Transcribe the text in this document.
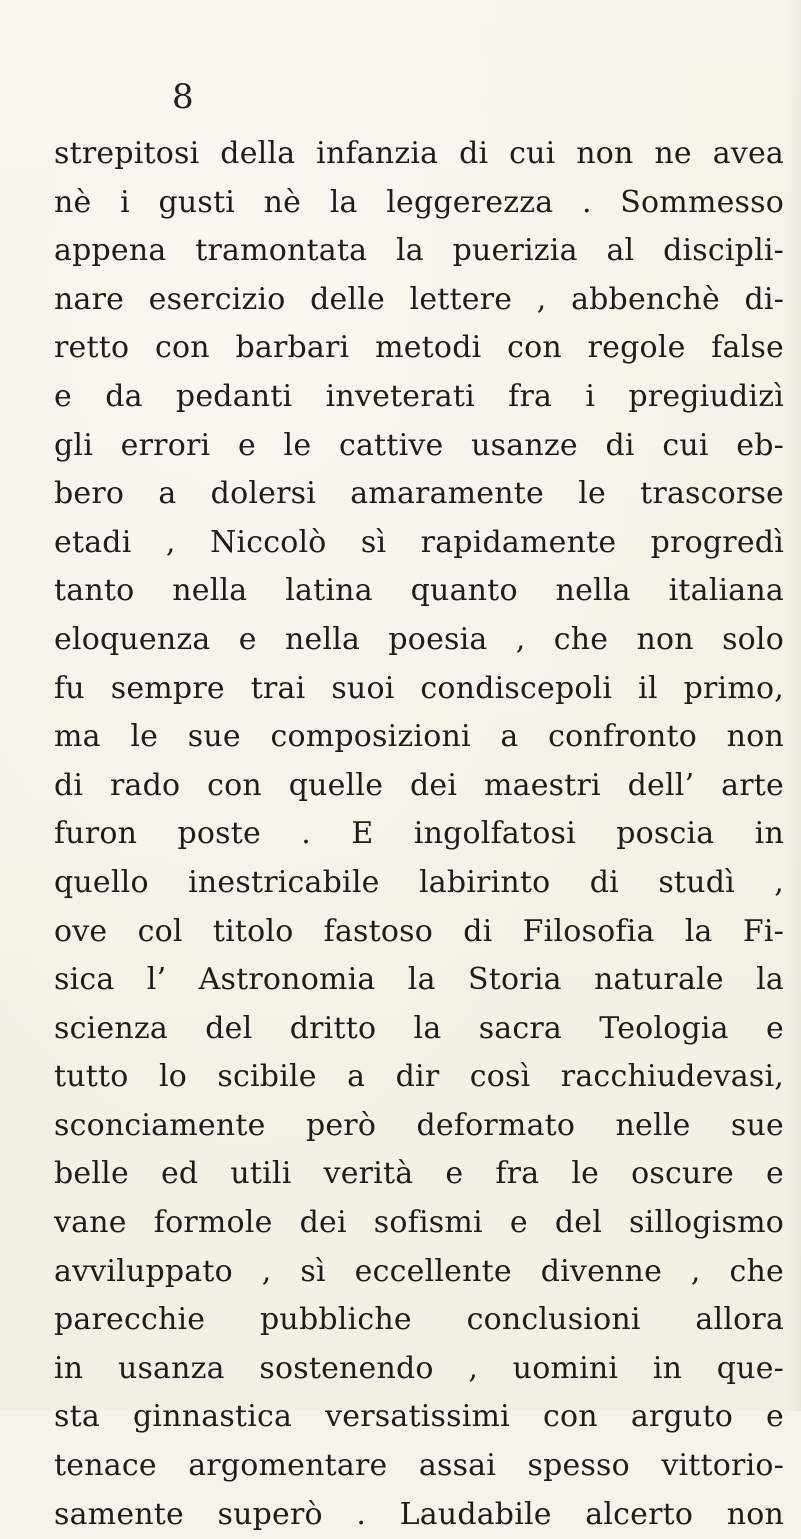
8
strepitosi della infanzia di cui non ne avea
nè i gusti nè la leggerezza . Sommesso
appena tramontata la puerizia al discipli-
nare esercizio delle lettere , abbenchè di-
retto con barbari metodi con regole false
e da pedanti inveterati fra i pregiudizì
gli errori e le cattive usanze di cui eb-
bero a dolersi amaramente le trascorse
etadi , Niccolò sì rapidamente progredì
tanto nella latina quanto nella italiana
eloquenza e nella poesia , che non solo
fu sempre trai suoi condiscepoli il primo,
ma le sue composizioni a confronto non
di rado con quelle dei maestri dell’ arte
furon poste . E ingolfatosi poscia in
quello inestricabile labirinto di studì ,
ove col titolo fastoso di Filosofia la Fi-
sica l’ Astronomia la Storia naturale la
scienza del dritto la sacra Teologia e
tutto lo scibile a dir così racchiudevasi,
sconciamente però deformato nelle sue
belle ed utili verità e fra le oscure e
vane formole dei sofismi e del sillogismo
avviluppato , sì eccellente divenne , che
parecchie pubbliche conclusioni allora
in usanza sostenendo , uomini in que-
sta ginnastica versatissimi con arguto e
tenace argomentare assai spesso vittorio-
samente superò . Laudabile alcerto non
